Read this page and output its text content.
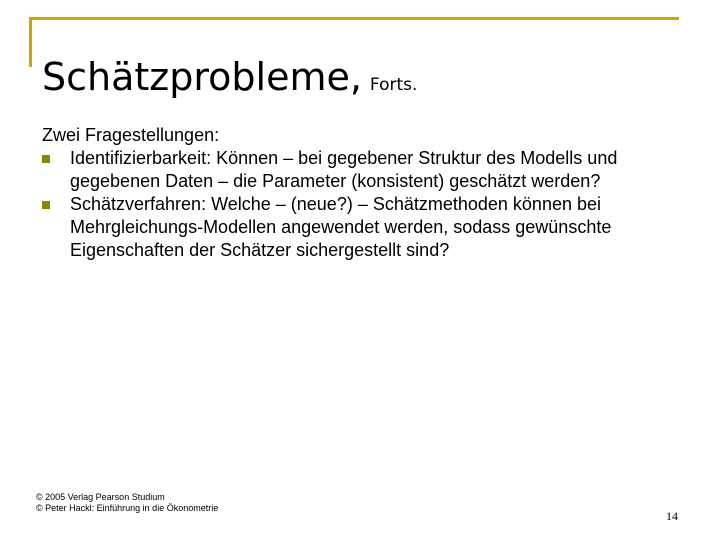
Schätzprobleme, Forts.
Zwei Fragestellungen:
Identifizierbarkeit: Können – bei gegebener Struktur des Modells und gegebenen Daten – die Parameter (konsistent) geschätzt werden?
Schätzverfahren: Welche – (neue?) – Schätzmethoden können bei Mehrgleichungs-Modellen angewendet werden, sodass gewünschte Eigenschaften der Schätzer sichergestellt sind?
© 2005 Verlag Pearson Studium
© Peter Hackl: Einführung in die Ökonometrie
14
